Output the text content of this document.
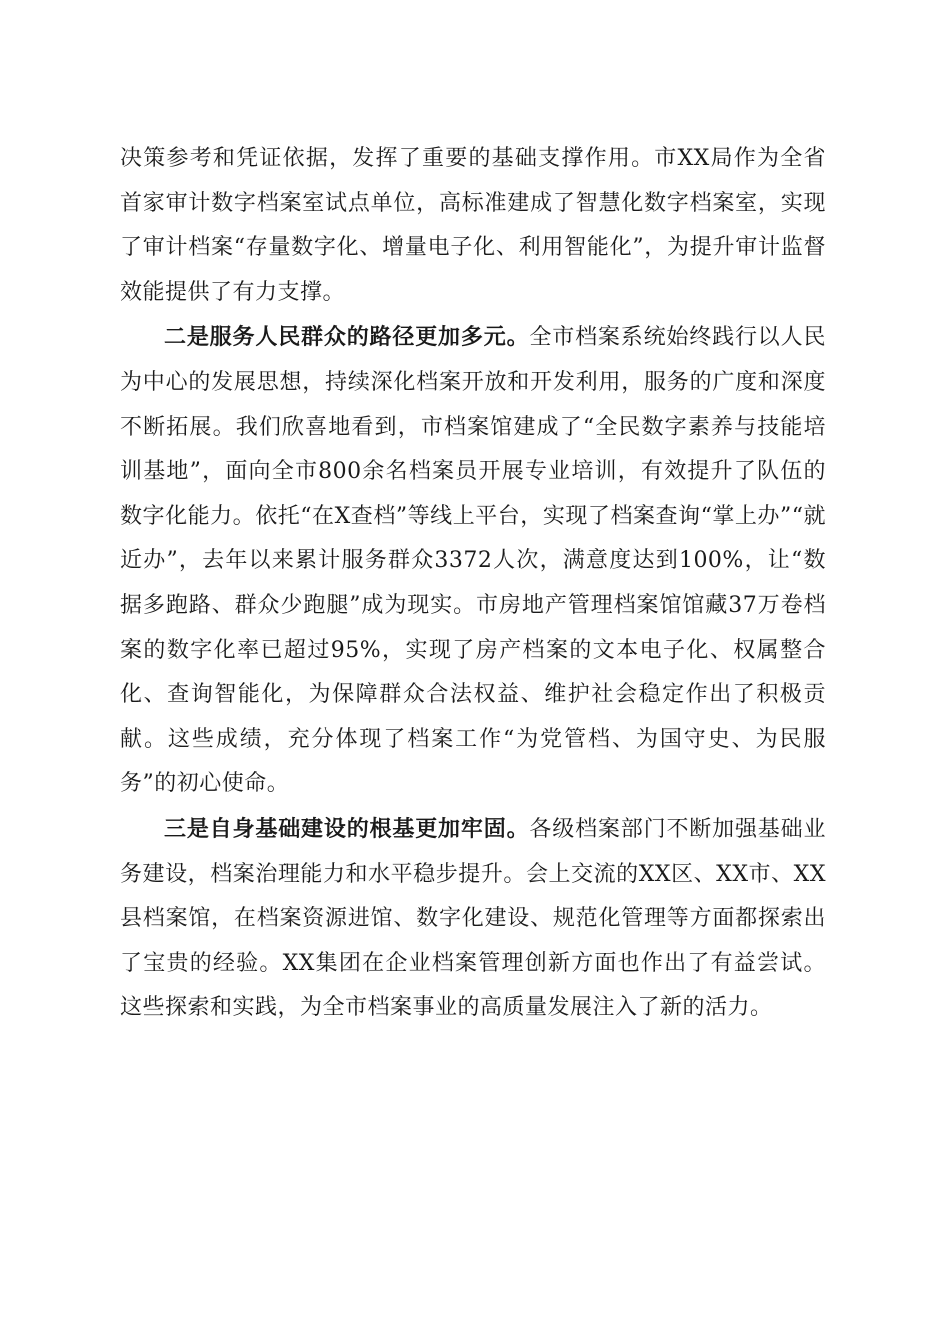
决策参考和凭证依据，发挥了重要的基础支撑作用。市XX局作为全省首家审计数字档案室试点单位，高标准建成了智慧化数字档案室，实现了审计档案“存量数字化、增量电子化、利用智能化”，为提升审计监督效能提供了有力支撑。

二是服务人民群众的路径更加多元。全市档案系统始终践行以人民为中心的发展思想，持续深化档案开放和开发利用，服务的广度和深度不断拓展。我们欣喜地看到，市档案馆建成了“全民数字素养与技能培训基地”，面向全市800余名档案员开展专业培训，有效提升了队伍的数字化能力。依托“在X查档”等线上平台，实现了档案查询“掌上办”“就近办”，去年以来累计服务群众3372人次，满意度达到100%，让“数据多跑路、群众少跑腿”成为现实。市房地产管理档案馆馆藏37万卷档案的数字化率已超过95%，实现了房产档案的文本电子化、权属整合化、查询智能化，为保障群众合法权益、维护社会稳定作出了积极贡献。这些成绩，充分体现了档案工作“为党管档、为国守史、为民服务”的初心使命。

三是自身基础建设的根基更加牢固。各级档案部门不断加强基础业务建设，档案治理能力和水平稳步提升。会上交流的XX区、XX市、XX县档案馆，在档案资源进馆、数字化建设、规范化管理等方面都探索出了宝贵的经验。XX集团在企业档案管理创新方面也作出了有益尝试。这些探索和实践，为全市档案事业的高质量发展注入了新的活力。
